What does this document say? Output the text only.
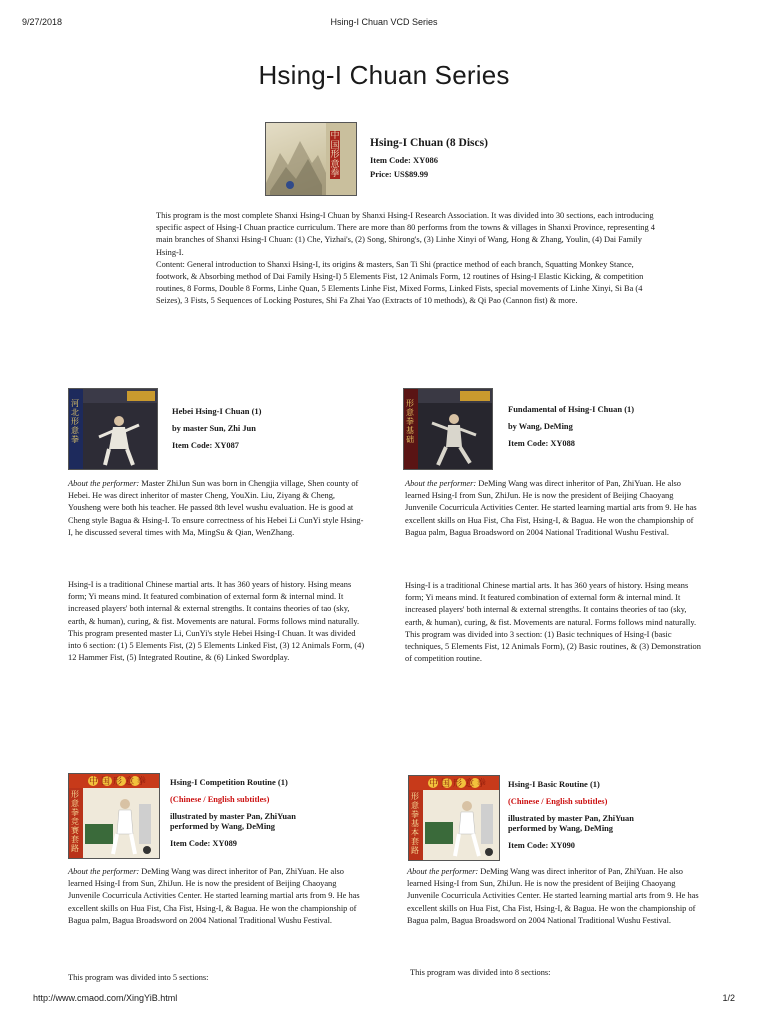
9/27/2018	Hsing-I Chuan VCD Series
Hsing-I Chuan Series
中国形意拳
Hsing-I Chuan (8 Discs)
Item Code: XY086
Price: US$89.99

This program is the most complete Shanxi Hsing-I Chuan by Shanxi Hsing-I Research Association. It was divided into 30 sections, each introducing specific aspect of Hsing-I Chuan practice curriculum. There are more than 80 performs from the towns & villages in Shanxi Province, representing 4 main branches of Shanxi Hsing-I Chuan: (1) Che, Yizhai's, (2) Song, Shirong's, (3) Linhe Xinyi of Wang, Hong & Zhang, Youlin, (4) Dai Family Hsing-I.

Content: General introduction to Shanxi Hsing-I, its origins & masters, San Ti Shi (practice method of each branch, Squatting Monkey Stance, footwork, & Absorbing method of Dai Family Hsing-I) 5 Elements Fist, 12 Animals Form, 12 routines of Hsing-I Elastic Kicking, & competition routines, 8 Forms, Double 8 Forms, Linhe Quan, 5 Elements Linhe Fist, Mixed Forms, Linked Fists, special movements of Linhe Xinyi, Si Ba (4 Seizes), 3 Fists, 5 Sequences of Locking Postures, Shi Fa Zhai Yao (Extracts of 10 methods), & Qi Pao (Cannon fist) & more.

河北形意拳
Hebei Hsing-I Chuan (1)
by master Sun, Zhi Jun
Item Code: XY087
形意拳基础
Fundamental of Hsing-I Chuan (1)
by Wang, DeMing
Item Code: XY088

About the performer: Master ZhiJun Sun was born in Chengjia village, Shen county of Hebei. He was direct inheritor of master Cheng, YouXin. Liu, Ziyang & Cheng, Yousheng were both his teacher. He passed 8th level wushu evaluation. He is good at Cheng style Bagua & Hsing-I. To ensure correctness of his Hebei Li CunYi style Hsing-I, he discussed several times with Ma, MingSu & Qian, WenZhang.

About the performer: DeMing Wang was direct inheritor of Pan, ZhiYuan. He also learned Hsing-I from Sun, ZhiJun. He is now the president of Beijing Chaoyang Junvenile Cocurricula Activities Center. He started learning martial arts from 9. He has excellent skills on Hua Fist, Cha Fist, Hsing-I, & Bagua. He won the championship of Bagua palm, Bagua Broadsword on 2004 National Traditional Wushu Festival.

Hsing-I is a traditional Chinese martial arts. It has 360 years of history. Hsing means form; Yi means mind. It featured combination of external form & internal mind. It increased players' both internal & external strengths. It contains theories of tao (sky, earth, & human), curing, & fist. Movements are natural. Forms follows mind naturally. This program presented master Li, CunYi's style Hebei Hsing-I Chuan. It was divided into 6 section: (1) 5 Elements Fist, (2) 5 Elements Linked Fist, (3) 12 Animals Form, (4) 12 Hammer Fist, (5) Integrated Routine, & (6) Linked Swordplay.

Hsing-I is a traditional Chinese martial arts. It has 360 years of history. Hsing means form; Yi means mind. It featured combination of external form & internal mind. It increased players' both internal & external strengths. It contains theories of tao (sky, earth, & human), curing, & fist. Movements are natural. Forms follows mind naturally. This program was divided into 3 section: (1) Basic techniques of Hsing-I (basic techniques, 5 Elements Fist, 12 Animals Form), (2) Basic routines, & (3) Demonstration of competition routine.

中国形意拳
形意拳竞赛套路
Hsing-I Competition Routine (1)
(Chinese / English subtitles)
illustrated by master Pan, ZhiYuan
performed by Wang, DeMing
Item Code: XY089
中国形意拳
形意拳基本套路
Hsing-I Basic Routine (1)
(Chinese / English subtitles)
illustrated by master Pan, ZhiYuan
performed by Wang, DeMing
Item Code: XY090

About the performer: DeMing Wang was direct inheritor of Pan, ZhiYuan. He also learned Hsing-I from Sun, ZhiJun. He is now the president of Beijing Chaoyang Junvenile Cocurricula Activities Center. He started learning martial arts from 9. He has excellent skills on Hua Fist, Cha Fist, Hsing-I, & Bagua. He won the championship of Bagua palm, Bagua Broadsword on 2004 National Traditional Wushu Festival.

About the performer: DeMing Wang was direct inheritor of Pan, ZhiYuan. He also learned Hsing-I from Sun, ZhiJun. He is now the president of Beijing Chaoyang Junvenile Cocurricula Activities Center. He started learning martial arts from 9. He has excellent skills on Hua Fist, Cha Fist, Hsing-I, & Bagua. He won the championship of Bagua palm, Bagua Broadsword on 2004 National Traditional Wushu Festival.

This program was divided into 5 sections:
This program was divided into 8 sections:
http://www.cmaod.com/XingYiB.html	1/2
